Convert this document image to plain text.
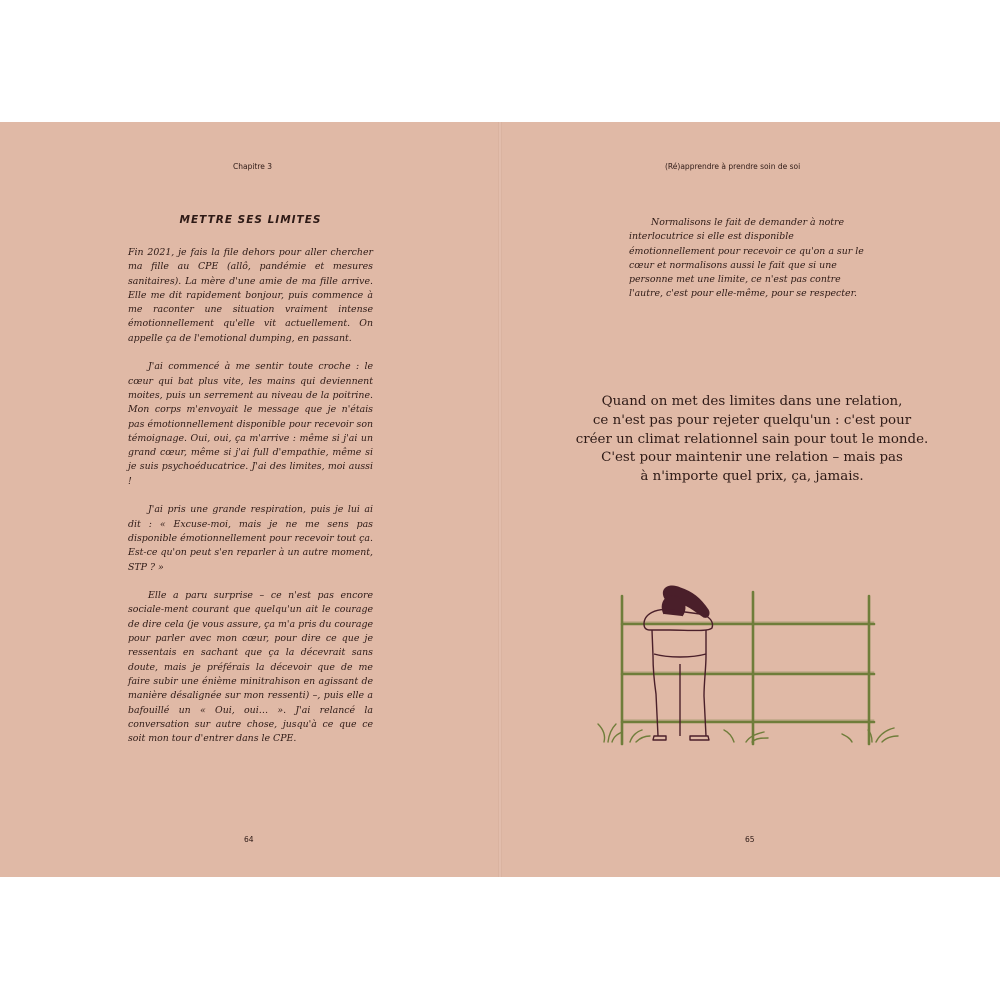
Chapitre 3
METTRE SES LIMITES

Fin 2021, je fais la file dehors pour aller chercher ma fille au CPE (allô, pandémie et mesures sanitaires). La mère d'une amie de ma fille arrive. Elle me dit rapidement bonjour, puis commence à me raconter une situation vraiment intense émotionnellement qu'elle vit actuellement. On appelle ça de l'emotional dumping, en passant.

J'ai commencé à me sentir toute croche : le cœur qui bat plus vite, les mains qui deviennent moites, puis un serrement au niveau de la poitrine. Mon corps m'envoyait le message que je n'étais pas émotionnellement disponible pour recevoir son témoignage. Oui, oui, ça m'arrive : même si j'ai un grand cœur, même si j'ai full d'empathie, même si je suis psychoéducatrice. J'ai des limites, moi aussi !

J'ai pris une grande respiration, puis je lui ai dit : « Excuse-moi, mais je ne me sens pas disponible émotionnellement pour recevoir tout ça. Est-ce qu'on peut s'en reparler à un autre moment, STP ? »

Elle a paru surprise – ce n'est pas encore sociale-ment courant que quelqu'un ait le courage de dire cela (je vous assure, ça m'a pris du courage pour parler avec mon cœur, pour dire ce que je ressentais en sachant que ça la décevrait sans doute, mais je préférais la décevoir que de me faire subir une énième minitrahison en agissant de manière désalignée sur mon ressenti) –, puis elle a bafouillé un « Oui, oui… ». J'ai relancé la conversation sur autre chose, jusqu'à ce que ce soit mon tour d'entrer dans le CPE.

64
(Ré)apprendre à prendre soin de soi
Normalisons le fait de demander à notre interlocutrice si elle est disponible émotionnellement pour recevoir ce qu'on a sur le cœur et normalisons aussi le fait que si une personne met une limite, ce n'est pas contre l'autre, c'est pour elle-même, pour se respecter.
Quand on met des limites dans une relation,
ce n'est pas pour rejeter quelqu'un : c'est pour
créer un climat relationnel sain pour tout le monde.
C'est pour maintenir une relation – mais pas
à n'importe quel prix, ça, jamais.
65
